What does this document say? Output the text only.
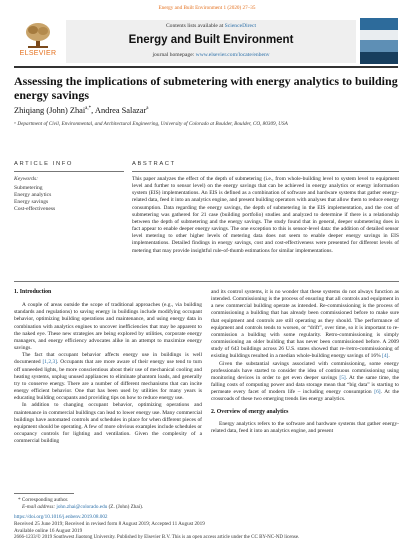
Energy and Built Environment 1 (2020) 27–35
ELSEVIER
Contents lists available at ScienceDirect
Energy and Built Environment
journal homepage: www.elsevier.com/locate/enbenv
Assessing the implications of submetering with energy analytics to building energy savings
Zhiqiang (John) Zhai$^{a,*}$, Andrea Salazar$^a$
ᵃ Department of Civil, Environmental, and Architectural Engineering, University of Colorado at Boulder, Boulder, CO, 80309, USA
ARTICLE INFO
Keywords:
Submetering
Energy analytics
Energy savings
Cost-effectiveness
ABSTRACT
This paper analyzes the effect of the depth of submetering (i.e., from whole-building level to system level to equipment level and further to sensor level) on the energy savings that can be achieved in energy analytics or energy information system (EIS) implementations. An EIS is defined as a combination of software and hardware systems that gather energy-related data, feed it into an analytics engine, and present building operators with analyses that allow them to reduce energy consumption. Data regarding the energy savings, the depth of submetering in the EIS implementation, and the cost of submetering was gathered for 21 case (building portfolio) studies and analyzed to determine if there is a relationship between the depth of submetering and the energy savings. The study found that in general, deeper submetering does in fact appear to enable deeper energy savings. The one exception to this is sensor-level data: the addition of detailed sensor level metering to other higher levels of metering data does not seem to enable deeper energy savings in EIS implementations. Detailed findings in energy savings, cost and cost-effectiveness were presented for different levels of metering that may provide insightful rule-of-thumb estimations for similar implementations.
1. Introduction

A couple of areas outside the scope of traditional approaches (e.g., via building standards and regulations) to saving energy in buildings include modifying occupant behavior, optimizing building operations and maintenance, and using energy data in combination with analytics engines to uncover inefficiencies that may be apparent to the naked eye. These new strategies are being explored by utilities, corporate energy managers, and energy efficiency advocates alike in an attempt to maximize energy savings.

The fact that occupant behavior affects energy use in buildings is well documented [1,2,3]. Occupants that are more aware of their energy use tend to turn off unneeded lights, be more conscientious about their use of mechanical cooling and heating systems, unplug unused appliances to eliminate phantom loads, and generally try to conserve energy. There are a number of different mechanisms that can incite energy efficient behavior. One that has been used by utilities for many years is educating building occupants and providing tips on how to reduce energy use.

In addition to changing occupant behavior, optimizing operations and maintenance in commercial buildings can lead to lower energy use. Many commercial buildings have automated controls and schedules in place for when different pieces of equipment should be operating. A few of more obvious examples include schedules or occupancy controls for lighting and ventilation. Given the complexity of a commercial building

and its control systems, it is no wonder that these systems do not always function as intended. Commissioning is the process of ensuring that all controls and equipment in a new commercial building operate as intended. Re-commissioning is the process of commissioning a building that has already been commissioned before to make sure that equipment and controls are still operating as they should. The performance of equipment and controls tends to worsen, or “drift”, over time, so it is important to re-commission a building with some regularity. Retro-commissioning is simply commissioning an older building that has never been commissioned before. A 2009 study of 643 buildings across 26 U.S. states showed that re-/retro-commissioning of existing buildings resulted in a median whole-building energy savings of 16% [4].

Given the substantial savings associated with commissioning, some energy professionals have started to consider the idea of continuous commissioning using monitoring devices in order to get even deeper savings [5]. At the same time, the falling costs of computing power and data storage mean that “big data” is starting to permeate every facet of modern life – including energy consumption [6]. At the crossroads of these two emerging trends lies energy analytics.

2. Overview of energy analytics

Energy analytics refers to the software and hardware systems that gather energy-related data, feed it into an analytics engine, and present

* Corresponding author.
E-mail address: john.zhai@colorado.edu (Z. (John) Zhai).
https://doi.org/10.1016/j.enbenv.2019.08.002
Received 25 June 2019; Received in revised form 8 August 2019; Accepted 11 August 2019
Available online 16 August 2019
2666-1233/© 2019 Southwest Jiaotong University. Published by Elsevier B.V. This is an open access article under the CC BY-NC-ND license.
